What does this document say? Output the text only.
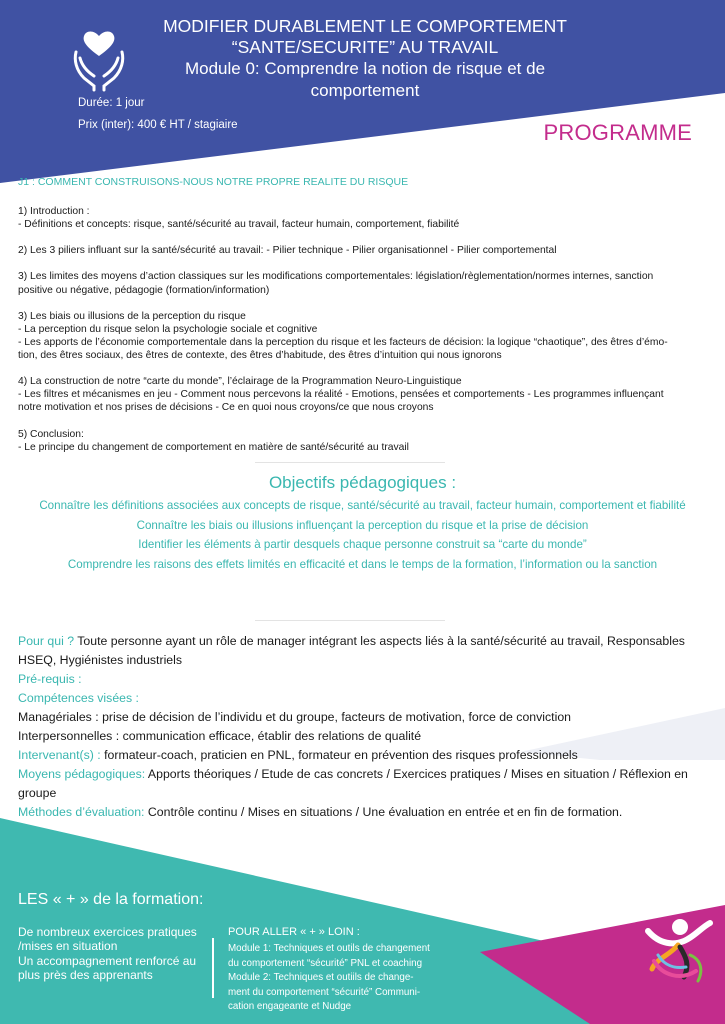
MODIFIER DURABLEMENT LE COMPORTEMENT
“SANTE/SECURITE” AU TRAVAIL
Module 0: Comprendre la notion de risque et de
comportement
Durée: 1 jour
Prix (inter): 400 € HT / stagiaire	PROGRAMME
J1 : COMMENT CONSTRUISONS-NOUS NOTRE PROPRE REALITE DU RISQUE

1) Introduction :
- Définitions et concepts: risque, santé/sécurité au travail, facteur humain, comportement, fiabilité

2) Les 3 piliers influant sur la santé/sécurité au travail: - Pilier technique - Pilier organisationnel - Pilier comportemental

3) Les limites des moyens d’action classiques sur les modifications comportementales: législation/règlementation/normes internes, sanction
positive ou négative, pédagogie (formation/information)

3) Les biais ou illusions de la perception du risque
- La perception du risque selon la psychologie sociale et cognitive
- Les apports de l’économie comportementale dans la perception du risque et les facteurs de décision: la logique “chaotique”, des êtres d’émo-
tion, des êtres sociaux, des êtres de contexte, des êtres d’habitude, des êtres d’intuition qui nous ignorons

4) La construction de notre “carte du monde”, l’éclairage de la Programmation Neuro-Linguistique
- Les filtres et mécanismes en jeu - Comment nous percevons la réalité - Emotions, pensées et comportements - Les programmes influençant
notre motivation et nos prises de décisions - Ce en quoi nous croyons/ce que nous croyons

5) Conclusion:
- Le principe du changement de comportement en matière de santé/sécurité au travail

Objectifs pédagogiques :
Connaître les définitions associées aux concepts de risque, santé/sécurité au travail, facteur humain, comportement et fiabilité
Connaître les biais ou illusions influençant la perception du risque et la prise de décision
Identifier les éléments à partir desquels chaque personne construit sa “carte du monde”
Comprendre les raisons des effets limités en efficacité et dans le temps de la formation, l’information ou la sanction
Pour qui ? Toute personne ayant un rôle de manager intégrant les aspects liés à la santé/sécurité au travail, Responsables HSEQ, Hygiénistes industriels
Pré-requis :
Compétences visées :
Managériales : prise de décision de l’individu et du groupe, facteurs de motivation, force de conviction
Interpersonnelles : communication efficace, établir des relations de qualité
Intervenant(s) : formateur-coach, praticien en PNL, formateur en prévention des risques professionnels
Moyens pédagogiques: Apports théoriques / Etude de cas concrets / Exercices pratiques / Mises en situation / Réflexion en groupe
Méthodes d’évaluation: Contrôle continu / Mises en situations / Une évaluation en entrée et en fin de formation.
LES « + » de la formation:
De nombreux exercices pratiques
/mises en situation
Un accompagnement renforcé au
plus près des apprenants
POUR ALLER « + » LOIN :
Module 1: Techniques et outils de changement
du comportement “sécurité” PNL et coaching
Module 2: Techniques et outiils de change-
ment du comportement “sécurité” Communi-
cation engageante et Nudge
